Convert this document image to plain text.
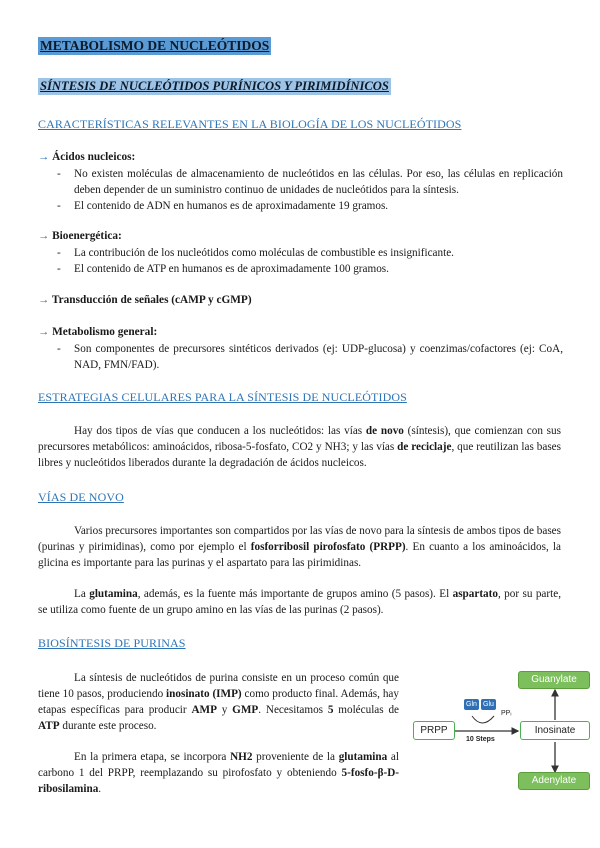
METABOLISMO DE NUCLEÓTIDOS
SÍNTESIS DE NUCLEÓTIDOS PURÍNICOS Y PIRIMIDÍNICOS
CARACTERÍSTICAS RELEVANTES EN LA BIOLOGÍA DE LOS NUCLEÓTIDOS
→ Ácidos nucleicos:
- No existen moléculas de almacenamiento de nucleótidos en las células. Por eso, las células en replicación deben depender de un suministro continuo de unidades de nucleótidos para la síntesis.
- El contenido de ADN en humanos es de aproximadamente 19 gramos.
→ Bioenergética:
- La contribución de los nucleótidos como moléculas de combustible es insignificante.
- El contenido de ATP en humanos es de aproximadamente 100 gramos.
→ Transducción de señales (cAMP y cGMP)
→ Metabolismo general:
- Son componentes de precursores sintéticos derivados (ej: UDP-glucosa) y coenzimas/cofactores (ej: CoA, NAD, FMN/FAD).
ESTRATEGIAS CELULARES PARA LA SÍNTESIS DE NUCLEÓTIDOS
Hay dos tipos de vías que conducen a los nucleótidos: las vías de novo (síntesis), que comienzan con sus precursores metabólicos: aminoácidos, ribosa-5-fosfato, CO2 y NH3; y las vías de reciclaje, que reutilizan las bases libres y nucleótidos liberados durante la degradación de ácidos nucleicos.
VÍAS DE NOVO
Varios precursores importantes son compartidos por las vías de novo para la síntesis de ambos tipos de bases (purinas y pirimidinas), como por ejemplo el fosforribosil pirofosfato (PRPP). En cuanto a los aminoácidos, la glicina es importante para las purinas y el aspartato para las pirimidinas.
La glutamina, además, es la fuente más importante de grupos amino (5 pasos). El aspartato, por su parte, se utiliza como fuente de un grupo amino en las vías de las purinas (2 pasos).
BIOSÍNTESIS DE PURINAS
La síntesis de nucleótidos de purina consiste en un proceso común que tiene 10 pasos, produciendo inosinato (IMP) como producto final. Además, hay etapas específicas para producir AMP y GMP. Necesitamos 5 moléculas de ATP durante este proceso.
En la primera etapa, se incorpora NH2 proveniente de la glutamina al carbono 1 del PRPP, reemplazando su pirofosfato y obteniendo 5-fosfo-β-D-ribosilamina.
Guanylate
PRPP	Inosinate
Adenylate
Gln Glu
PPᵢ
10 Steps
